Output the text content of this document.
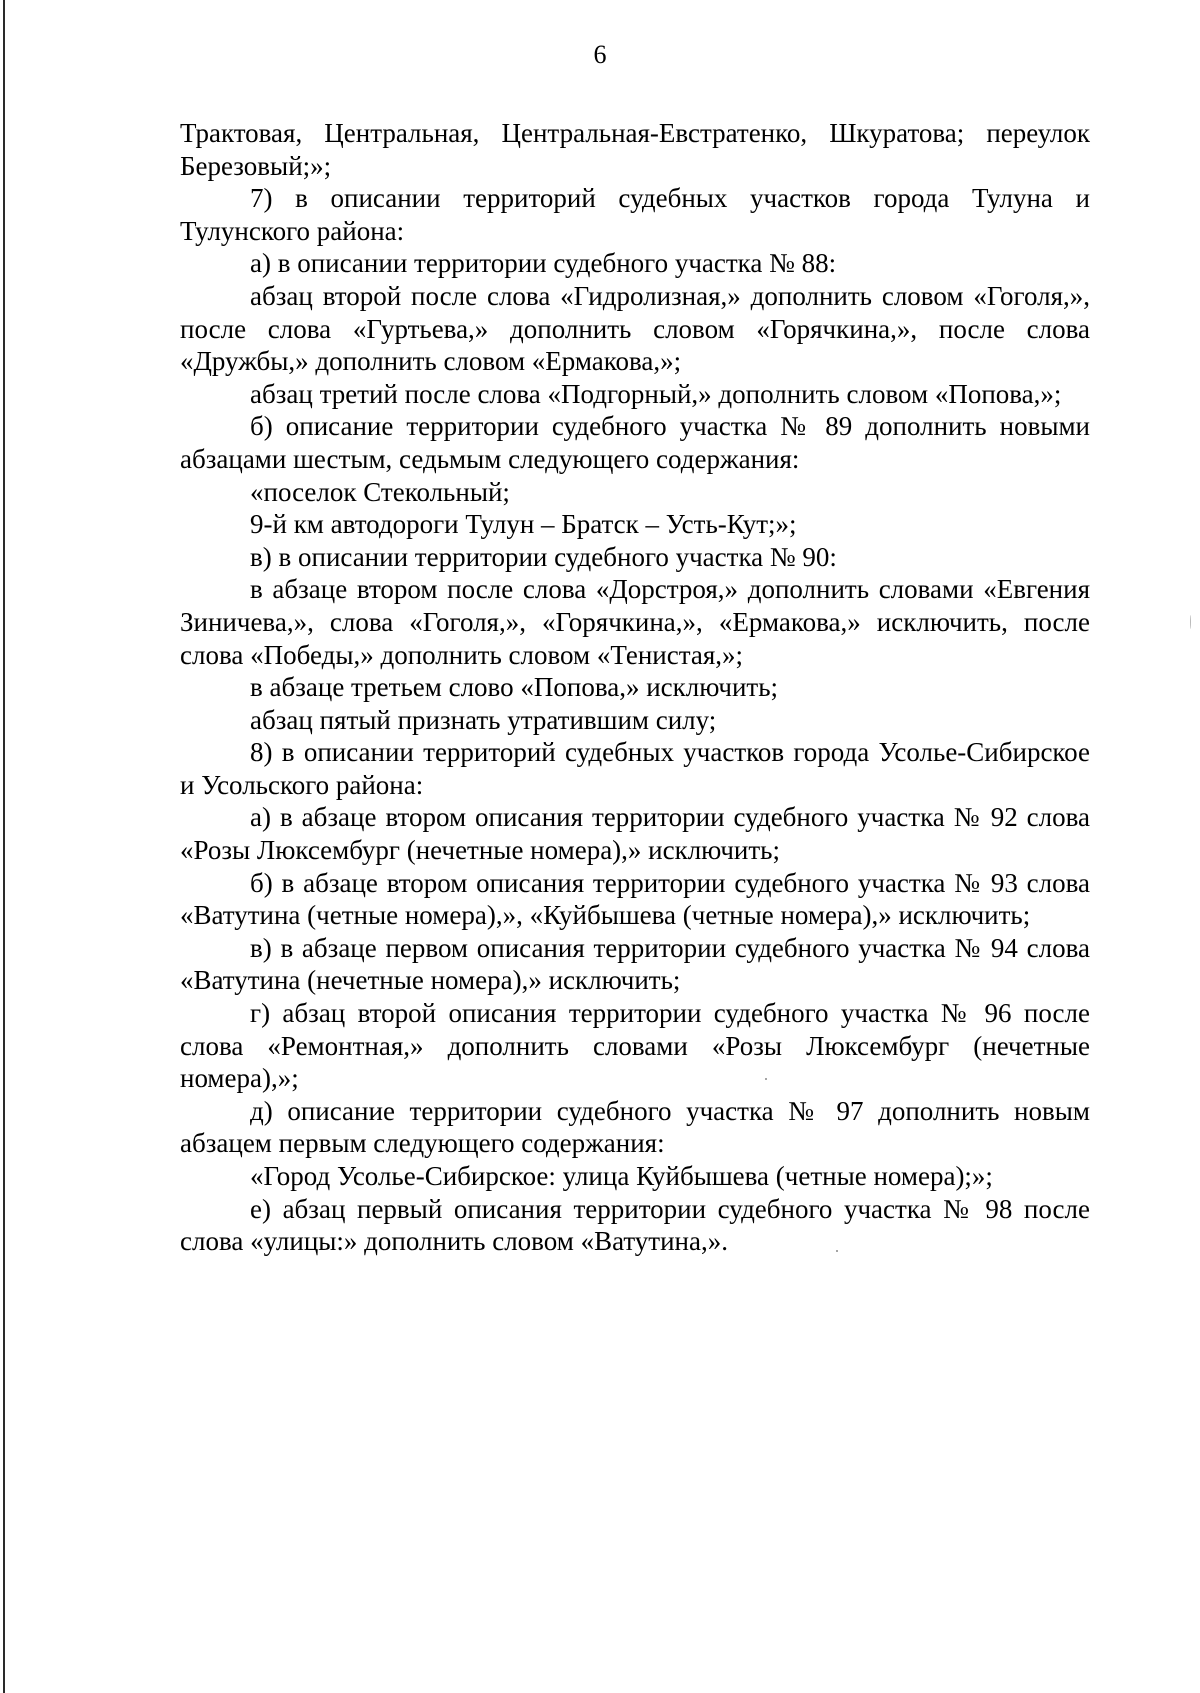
6

Трактовая, Центральная, Центральная-Евстратенко, Шкуратова; переулок Березовый;»;

7) в описании территорий судебных участков города Тулуна и Тулунского района:

а) в описании территории судебного участка № 88:

абзац второй после слова «Гидролизная,» дополнить словом «Гоголя,», после слова «Гуртьева,» дополнить словом «Горячкина,», после слова «Дружбы,» дополнить словом «Ермакова,»;

абзац третий после слова «Подгорный,» дополнить словом «Попова,»;

б) описание территории судебного участка № 89 дополнить новыми абзацами шестым, седьмым следующего содержания:

«поселок Стекольный;

9-й км автодороги Тулун – Братск – Усть-Кут;»;

в) в описании территории судебного участка № 90:

в абзаце втором после слова «Дорстроя,» дополнить словами «Евгения Зиничева,», слова «Гоголя,», «Горячкина,», «Ермакова,» исключить, после слова «Победы,» дополнить словом «Тенистая,»;

в абзаце третьем слово «Попова,» исключить;

абзац пятый признать утратившим силу;

8) в описании территорий судебных участков города Усолье-Сибирское и Усольского района:

а) в абзаце втором описания территории судебного участка № 92 слова «Розы Люксембург (нечетные номера),» исключить;

б) в абзаце втором описания территории судебного участка № 93 слова «Ватутина (четные номера),», «Куйбышева (четные номера),» исключить;

в) в абзаце первом описания территории судебного участка № 94 слова «Ватутина (нечетные номера),» исключить;

г) абзац второй описания территории судебного участка № 96 после слова «Ремонтная,» дополнить словами «Розы Люксембург (нечетные номера),»;

д) описание территории судебного участка № 97 дополнить новым абзацем первым следующего содержания:

«Город Усолье-Сибирское: улица Куйбышева (четные номера);»;

е) абзац первый описания территории судебного участка № 98 после слова «улицы:» дополнить словом «Ватутина,».
